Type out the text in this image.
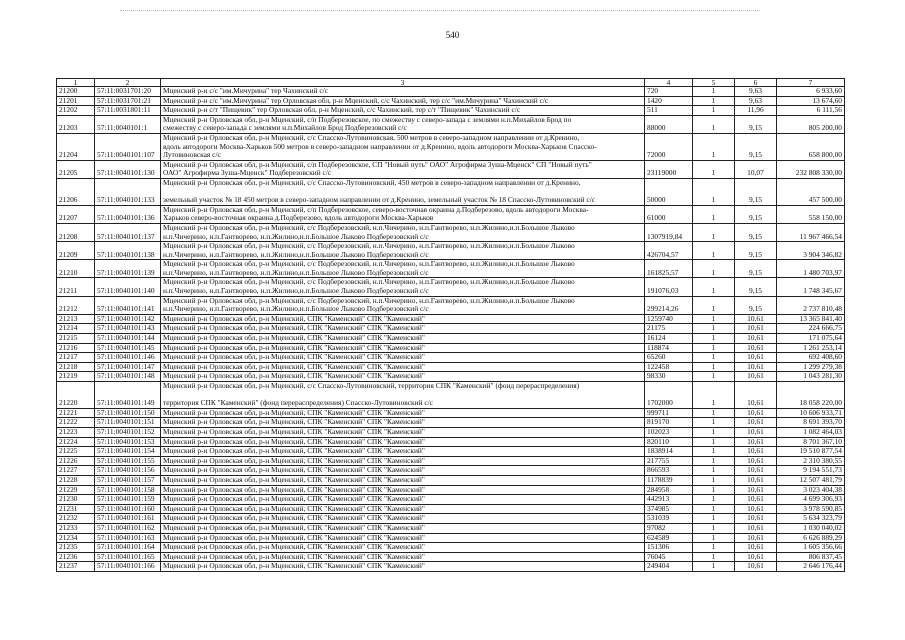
540
1	2	3	4	5	6	7
21200	57:11:0031701:20	Мценский р-н с/с "им.Мичурина" тер Чахинский с/с	720	1	9,63	6 933,60
21201	57:11:0031701:21	Мценский р-н с/с "им.Мичурина" тер Орловская обл, р-н Мценский, с/с Чахинский, тер с/с "им.Мичурина" Чахинский с/с	1420	1	9,63	13 674,60
21202	57:11:0031801:11	Мценский р-н с/т "Пищевик" тер Орловская обл, р-н Мценский, с/с Чахинский, тер с/т "Пищевик" Чахинский с/с	511	1	11,96	6 111,56
21203	57:11:0040101:1	Мценский р-н Орловская обл, р-н Мценский, с/п Подберезовское, по смежеству с северо-запада с землями н.п.Михайлов Брод по
смежеству с северо-запада с землями н.п.Михайлов Брод Подберезовский с/с	88000	1	9,15	805 200,00
21204	57:11:0040101:107	Мценский р-н Орловская обл, р-н Мценский, с/с Спасско-Лутовиновская, 500 метров в северо-западном направлении от д.Кренино,
вдоль автодороги Москва-Харьков 500 метров в северо-западном направлении от д.Кренино, вдоль автодороги Москва-Харьков Спасско-
Лутовиновская с/с	72000	1	9,15	658 800,00
21205	57:11:0040101:130	Мценский р-н Орловская обл, р-н Мценский, с/п Подберезовское, СП "Новый путь" ОАО" Агрофирма Зуша-Мценск" СП "Новый путь"
ОАО" Агрофирма Зуша-Мценск" Подберезовский с/с	23119000	1	10,07	232 808 330,00
21206	57:11:0040101:133	Мценский р-н Орловская обл, р-н Мценский, с/с Спасско-Лутовиновский, 450 метров в северо-западном направлении от д.Кренино,
земельный участок № 18 450 метров в северо-западном направлении от д.Кренино, земельный участок № 18 Спасско-Лутовиновский с/с	50000	1	9,15	457 500,00
21207	57:11:0040101:136	Мценский р-н Орловская обл, р-н Мценский, с/п Подберезовское, северо-восточная окраина д.Подберезово, вдоль автодороги Москва-
Харьков северо-восточная окраина д.Подберезово, вдоль автодороги Москва-Харьков	61000	1	9,15	558 150,00
21208	57:11:0040101:137	Мценский р-н Орловская обл, р-н Мценский, с/с Подберезовский, н.п.Чичерино, н.п.Гантворево, н.п.Жилино,н.п.Большое Лыково
н.п.Чичерино, н.п.Гантворево, н.п.Жилино,н.п.Большое Лыково Подберезовский с/с	1307919,84	1	9,15	11 967 466,54
21209	57:11:0040101:138	Мценский р-н Орловская обл, р-н Мценский, с/с Подберезовский, н.п.Чичерино, н.п.Гантворево, н.п.Жилино,н.п.Большое Лыково
н.п.Чичерино, н.п.Гантворево, н.п.Жилино,н.п.Большое Лыково Подберезовский с/с	426704,57	1	9,15	3 904 346,82
21210	57:11:0040101:139	Мценский р-н Орловская обл, р-н Мценский, с/с Подберезовский, н.п.Чичерино, н.п.Гантворево, н.п.Жилино,н.п.Большое Лыково
н.п.Чичерино, н.п.Гантворево, н.п.Жилино,н.п.Большое Лыково Подберезовский с/с	161825,57	1	9,15	1 480 703,97
21211	57:11:0040101:140	Мценский р-н Орловская обл, р-н Мценский, с/с Подберезовский, н.п.Чичерино, н.п.Гантворево, н.п.Жилино,н.п.Большое Лыково
н.п.Чичерино, н.п.Гантворево, н.п.Жилино,н.п.Большое Лыково Подберезовский с/с	191076,03	1	9,15	1 748 345,67
21212	57:11:0040101:141	Мценский р-н Орловская обл, р-н Мценский, с/с Подберезовский, н.п.Чичерино, н.п.Гантворево, н.п.Жилино,н.п.Большое Лыково
н.п.Чичерино, н.п.Гантворево, н.п.Жилино,н.п.Большое Лыково Подберезовский с/с	299214,26	1	9,15	2 737 810,48
21213	57:11:0040101:142	Мценский р-н Орловская обл, р-н Мценский, СПК "Каменский" СПК "Каменский"	1259740	1	10,61	13 365 841,40
21214	57:11:0040101:143	Мценский р-н Орловская обл, р-н Мценский, СПК "Каменский" СПК "Каменский"	21175	1	10,61	224 666,75
21215	57:11:0040101:144	Мценский р-н Орловская обл, р-н Мценский, СПК "Каменский" СПК "Каменский"	16124	1	10,61	171 075,64
21216	57:11:0040101:145	Мценский р-н Орловская обл, р-н Мценский, СПК "Каменский" СПК "Каменский"	118874	1	10,61	1 261 253,14
21217	57:11:0040101:146	Мценский р-н Орловская обл, р-н Мценский, СПК "Каменский" СПК "Каменский"	65260	1	10,61	692 408,60
21218	57:11:0040101:147	Мценский р-н Орловская обл, р-н Мценский, СПК "Каменский" СПК "Каменский"	122458	1	10,61	1 299 279,38
21219	57:11:0040101:148	Мценский р-н Орловская обл, р-н Мценский, СПК "Каменский" СПК "Каменский"	98330	1	10,61	1 043 281,30
21220	57:11:0040101:149	Мценский р-н Орловская обл, р-н Мценский, с/с Спасско-Лутовиновский, территория СПК "Каменский" (фонд перераспределения)
территория СПК "Каменский" (фонд перераспределения) Спасско-Лутовиновский с/с	1702000	1	10,61	18 058 220,00
21221	57:11:0040101:150	Мценский р-н Орловская обл, р-н Мценский, СПК "Каменский" СПК "Каменский"	999711	1	10,61	10 606 933,71
21222	57:11:0040101:151	Мценский р-н Орловская обл, р-н Мценский, СПК "Каменский" СПК "Каменский"	819170	1	10,61	8 691 393,70
21223	57:11:0040101:152	Мценский р-н Орловская обл, р-н Мценский, СПК "Каменский" СПК "Каменский"	102023	1	10,61	1 082 464,03
21224	57:11:0040101:153	Мценский р-н Орловская обл, р-н Мценский, СПК "Каменский" СПК "Каменский"	820110	1	10,61	8 701 367,10
21225	57:11:0040101:154	Мценский р-н Орловская обл, р-н Мценский, СПК "Каменский" СПК "Каменский"	1838914	1	10,61	19 510 877,54
21226	57:11:0040101:155	Мценский р-н Орловская обл, р-н Мценский, СПК "Каменский" СПК "Каменский"	217755	1	10,61	2 310 380,55
21227	57:11:0040101:156	Мценский р-н Орловская обл, р-н Мценский, СПК "Каменский" СПК "Каменский"	866593	1	10,61	9 194 551,73
21228	57:11:0040101:157	Мценский р-н Орловская обл, р-н Мценский, СПК "Каменский" СПК "Каменский"	1178839	1	10,61	12 507 481,79
21229	57:11:0040101:158	Мценский р-н Орловская обл, р-н Мценский, СПК "Каменский" СПК "Каменский"	284958	1	10,61	3 023 404,38
21230	57:11:0040101:159	Мценский р-н Орловская обл, р-н Мценский, СПК "Каменский" СПК "Каменский"	442913	1	10,61	4 699 306,93
21231	57:11:0040101:160	Мценский р-н Орловская обл, р-н Мценский, СПК "Каменский" СПК "Каменский"	374985	1	10,61	3 978 590,85
21232	57:11:0040101:161	Мценский р-н Орловская обл, р-н Мценский, СПК "Каменский" СПК "Каменский"	531039	1	10,61	5 634 323,79
21233	57:11:0040101:162	Мценский р-н Орловская обл, р-н Мценский, СПК "Каменский" СПК "Каменский"	97082	1	10,61	1 030 040,02
21234	57:11:0040101:163	Мценский р-н Орловская обл, р-н Мценский, СПК "Каменский" СПК "Каменский"	624589	1	10,61	6 626 889,29
21235	57:11:0040101:164	Мценский р-н Орловская обл, р-н Мценский, СПК "Каменский" СПК "Каменский"	151306	1	10,61	1 605 356,66
21236	57:11:0040101:165	Мценский р-н Орловская обл, р-н Мценский, СПК "Каменский" СПК "Каменский"	76045	1	10,61	806 837,45
21237	57:11:0040101:166	Мценский р-н Орловская обл, р-н Мценский, СПК "Каменский" СПК "Каменский"	249404	1	10,61	2 646 176,44
